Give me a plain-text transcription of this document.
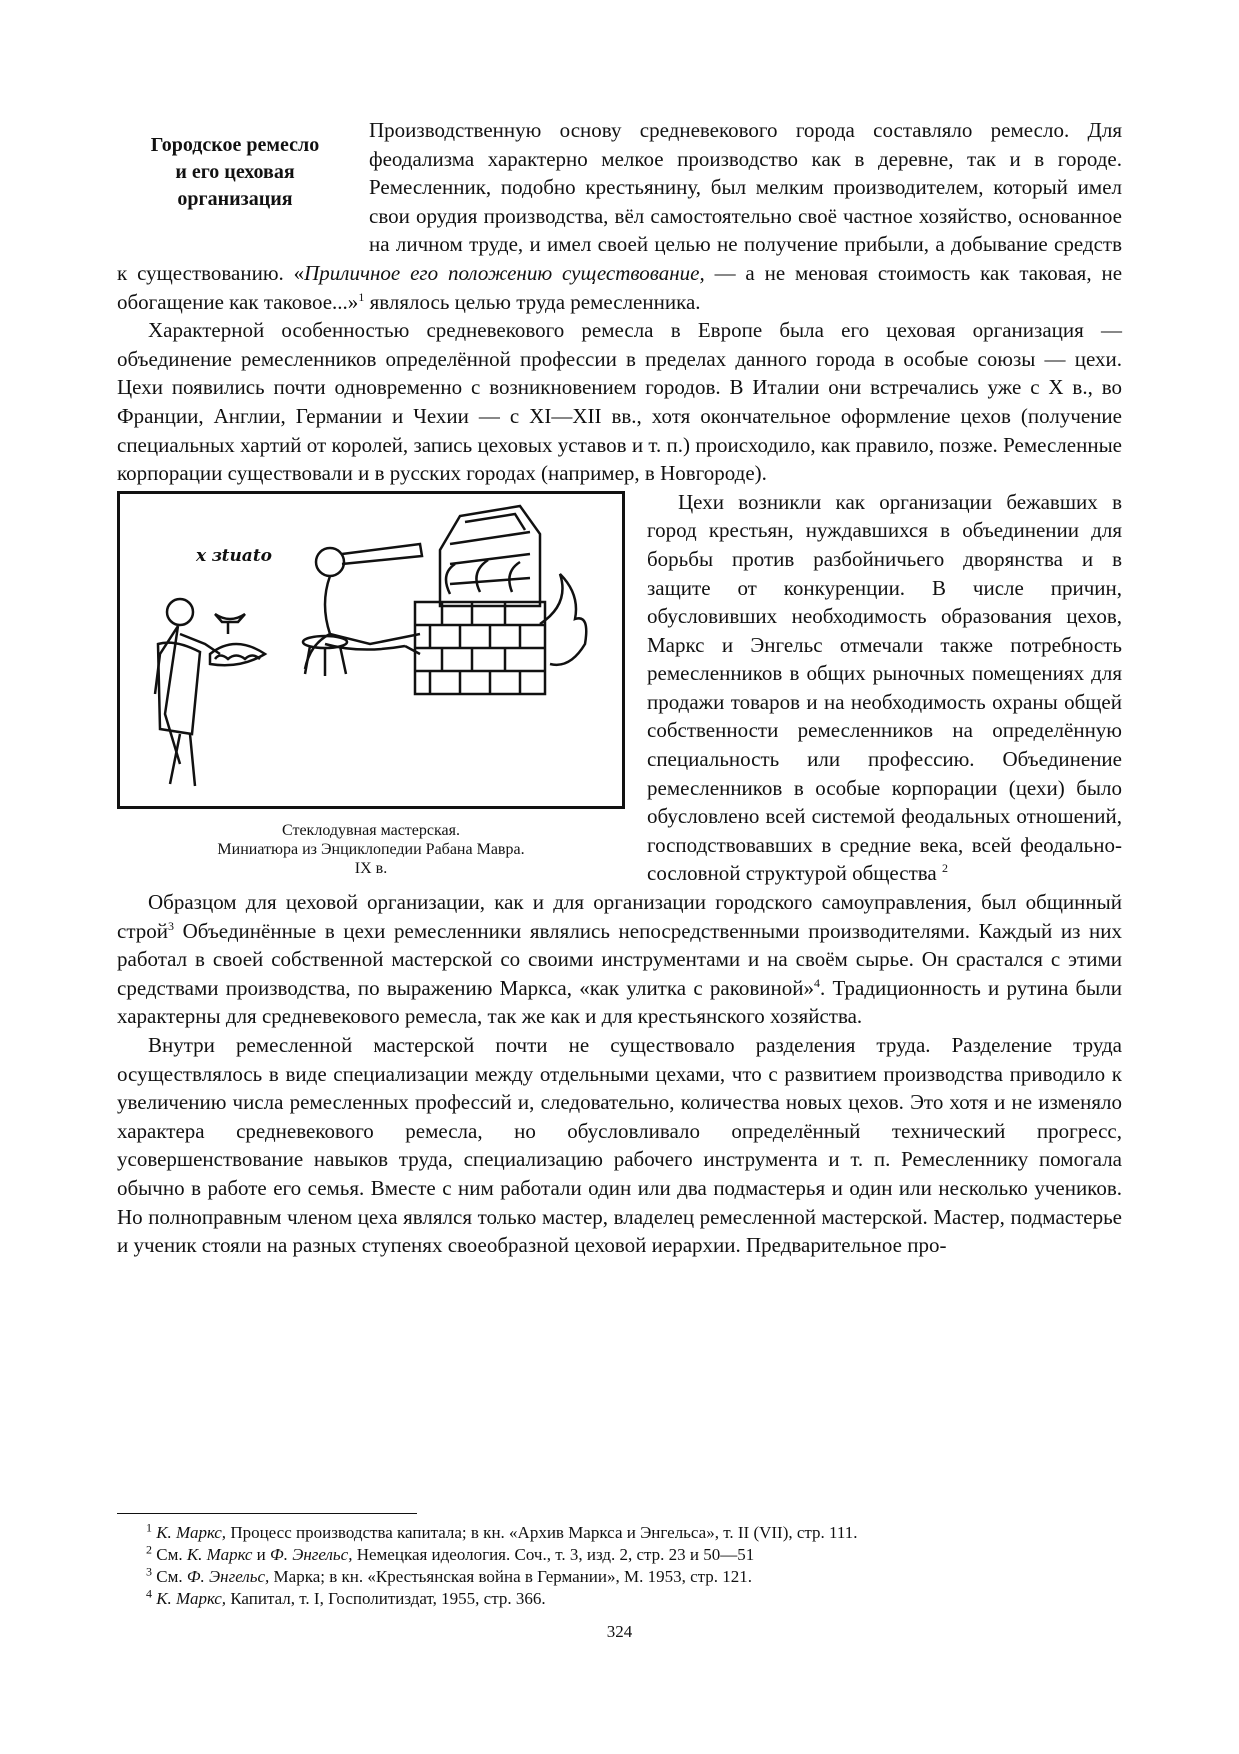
Городское ремесло
и его цеховая
организация

Производственную основу средневекового города составляло ремесло. Для феодализма характерно мелкое производство как в деревне, так и в городе. Ремесленник, подобно крестьянину, был мелким производителем, который имел свои орудия производства, вёл самостоятельно своё частное хозяйство, основанное на личном труде, и имел своей целью не получение прибыли, а добывание средств к существованию. «Приличное его положению существование, — а не меновая стоимость как таковая, не обогащение как таковое...»$^1$ являлось целью труда ремесленника.

Характерной особенностью средневекового ремесла в Европе была его цеховая организация — объединение ремесленников определённой профессии в пределах данного города в особые союзы — цехи. Цехи появились почти одновременно с возникновением городов. В Италии они встречались уже с X в., во Франции, Англии, Германии и Чехии — с XI—XII вв., хотя окончательное оформление цехов (получение специальных хартий от королей, запись цеховых уставов и т. п.) происходило, как правило, позже. Ремесленные корпорации существовали и в русских городах (например, в Новгороде).

x ɜtuato
Стеклодувная мастерская.
Миниатюра из Энциклопедии Рабана Мавра.
IX в.

Цехи возникли как организации бежавших в город крестьян, нуждавшихся в объединении для борьбы против разбойничьего дворянства и в защите от конкуренции. В числе причин, обусловивших необходимость образования цехов, Маркс и Энгельс отмечали также потребность ремесленников в общих рыночных помещениях для продажи товаров и на необходимость охраны общей собственности ремесленников на определённую специальность или профессию. Объединение ремесленников в особые корпорации (цехи) было обусловлено всей системой феодальных отношений, господствовавших в средние века, всей феодально-сословной структурой общества $^2$

Образцом для цеховой организации, как и для организации городского самоуправления, был общинный строй$^3$ Объединённые в цехи ремесленники являлись непосредственными производителями. Каждый из них работал в своей собственной мастерской со своими инструментами и на своём сырье. Он срастался с этими средствами производства, по выражению Маркса, «как улитка с раковиной»$^4$. Традиционность и рутина были характерны для средневекового ремесла, так же как и для крестьянского хозяйства.

Внутри ремесленной мастерской почти не существовало разделения труда. Разделение труда осуществлялось в виде специализации между отдельными цехами, что с развитием производства приводило к увеличению числа ремесленных профессий и, следовательно, количества новых цехов. Это хотя и не изменяло характера средневекового ремесла, но обусловливало определённый технический прогресс, усовершенствование навыков труда, специализацию рабочего инструмента и т. п. Ремесленнику помогала обычно в работе его семья. Вместе с ним работали один или два подмастерья и один или несколько учеников. Но полноправным членом цеха являлся только мастер, владелец ремесленной мастерской. Мастер, подмастерье и ученик стояли на разных ступенях своеобразной цеховой иерархии. Предварительное про-

$^1$ К. Маркс, Процесс производства капитала; в кн. «Архив Маркса и Энгельса», т. II (VII), стр. 111.
$^2$ См. К. Маркс и Ф. Энгельс, Немецкая идеология. Соч., т. 3, изд. 2, стр. 23 и 50—51
$^3$ См. Ф. Энгельс, Марка; в кн. «Крестьянская война в Германии», М. 1953, стр. 121.
$^4$ К. Маркс, Капитал, т. I, Госполитиздат, 1955, стр. 366.
324
